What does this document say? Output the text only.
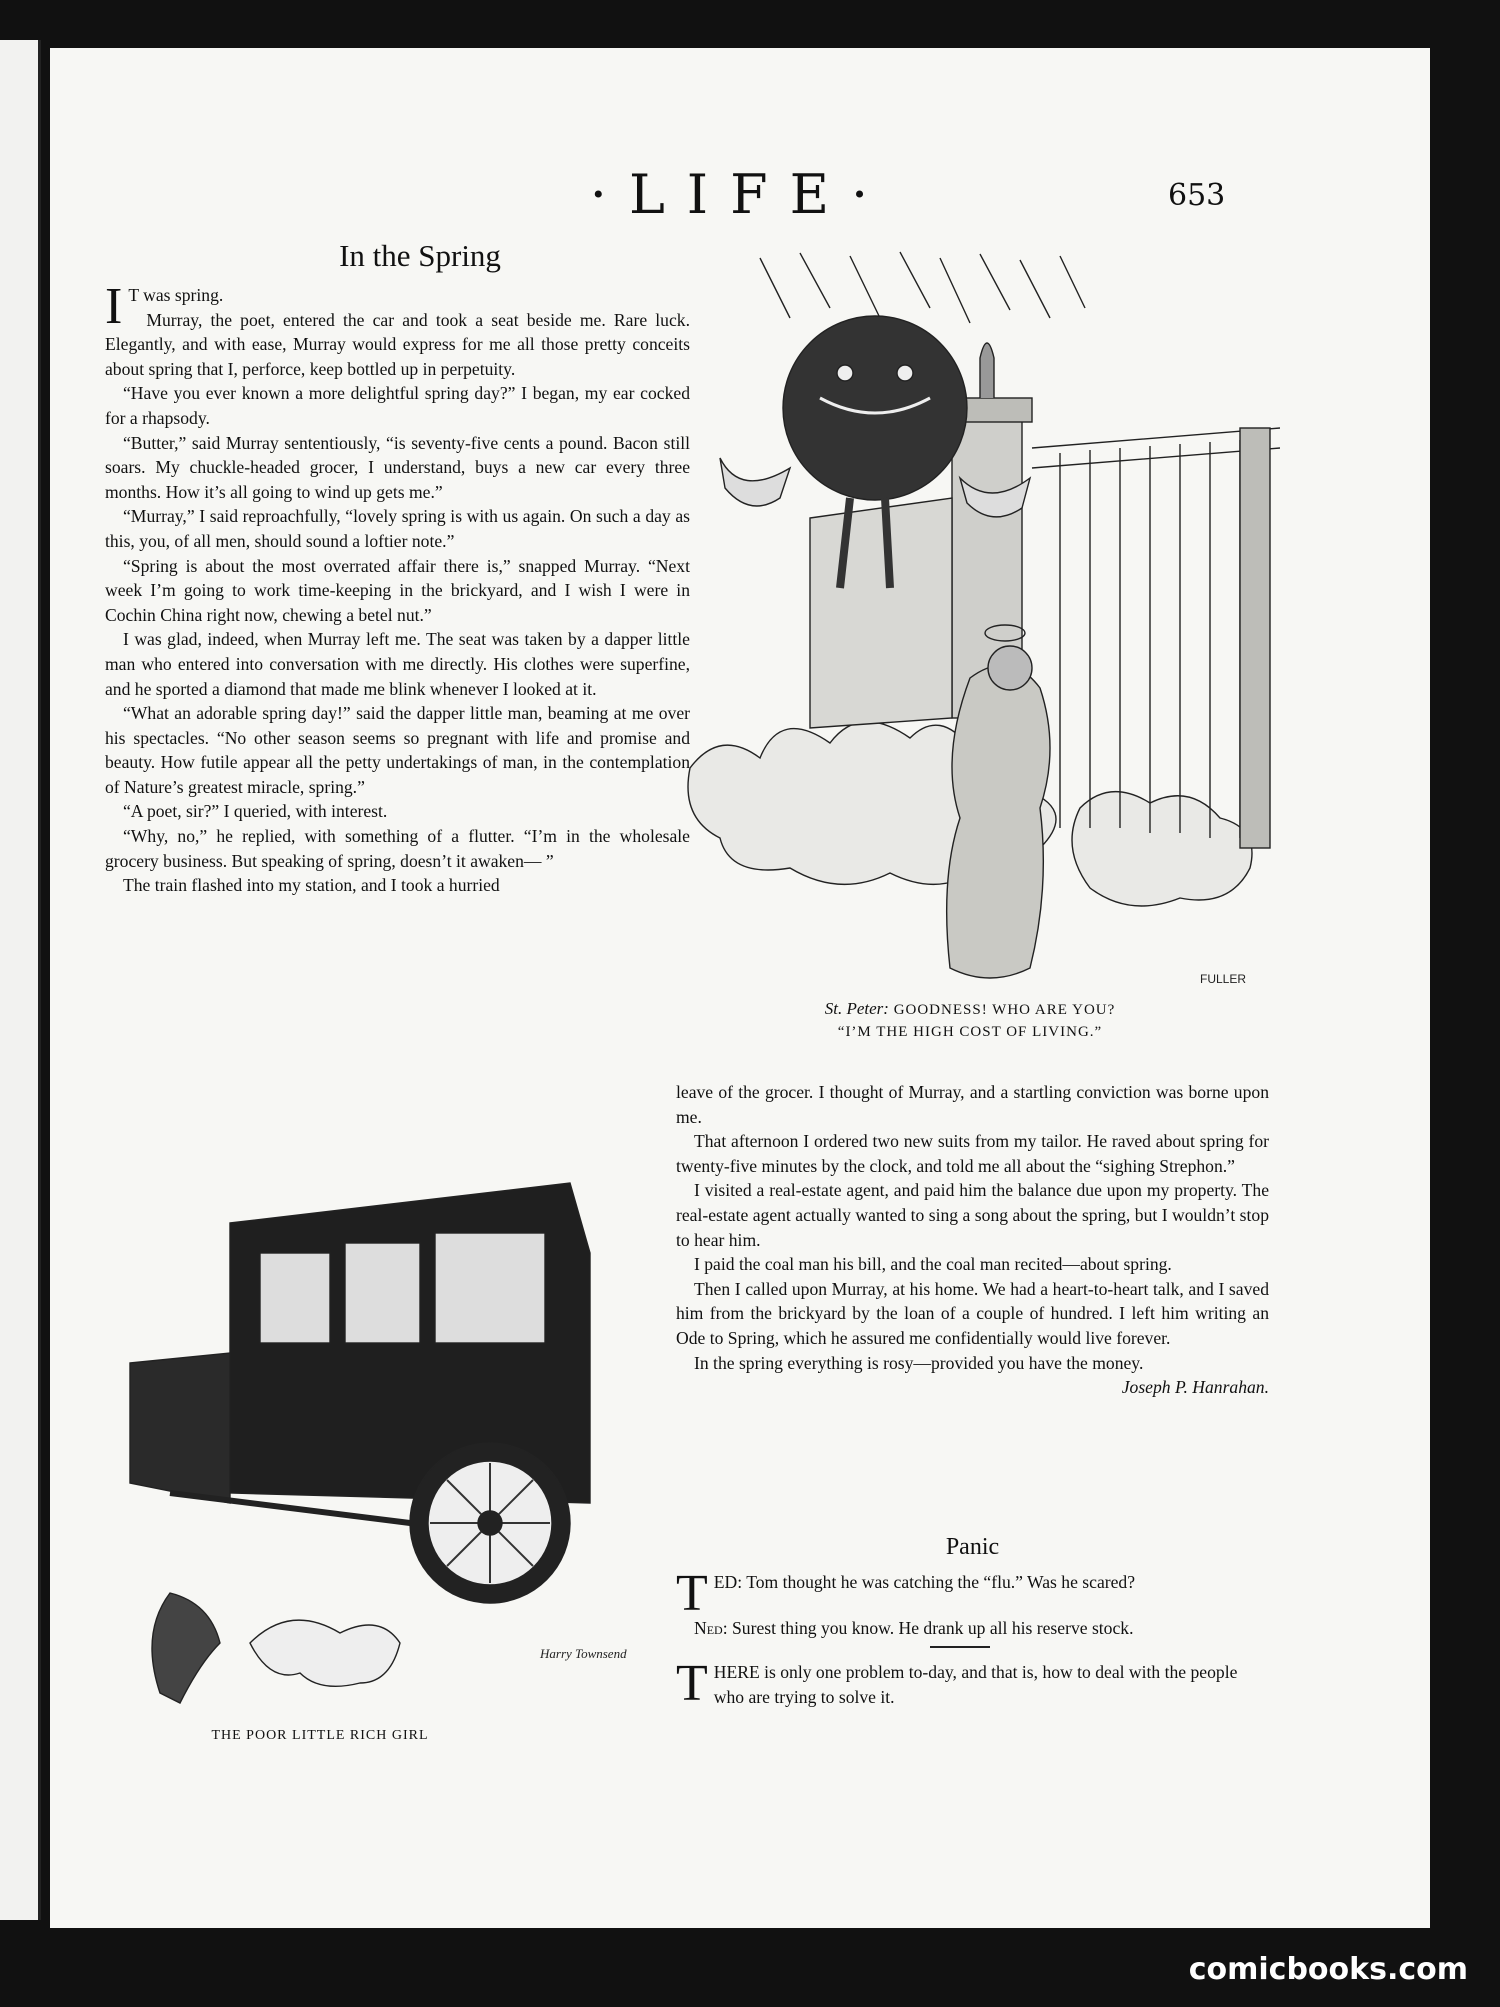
·LIFE·	653
In the Spring

I T was spring.

Murray, the poet, entered the car and took a seat beside me. Rare luck. Elegantly, and with ease, Murray would express for me all those pretty conceits about spring that I, perforce, keep bottled up in perpetuity.

“Have you ever known a more delightful spring day?” I began, my ear cocked for a rhapsody.

“Butter,” said Murray sententiously, “is seventy-five cents a pound. Bacon still soars. My chuckle-headed grocer, I understand, buys a new car every three months. How it’s all going to wind up gets me.”

“Murray,” I said reproachfully, “lovely spring is with us again. On such a day as this, you, of all men, should sound a loftier note.”

“Spring is about the most overrated affair there is,” snapped Murray. “Next week I’m going to work time-keeping in the brickyard, and I wish I were in Cochin China right now, chewing a betel nut.”

I was glad, indeed, when Murray left me. The seat was taken by a dapper little man who entered into conversation with me directly. His clothes were superfine, and he sported a diamond that made me blink whenever I looked at it.

“What an adorable spring day!” said the dapper little man, beaming at me over his spectacles. “No other season seems so pregnant with life and promise and beauty. How futile appear all the petty undertakings of man, in the contemplation of Nature’s greatest miracle, spring.”

“A poet, sir?” I queried, with interest.

“Why, no,” he replied, with something of a flutter. “I’m in the wholesale grocery business. But speaking of spring, doesn’t it awaken— ”

The train flashed into my station, and I took a hurried

FULLER
St. Peter: GOODNESS! WHO ARE YOU?
“I’M THE HIGH COST OF LIVING.”

leave of the grocer. I thought of Murray, and a startling conviction was borne upon me.

That afternoon I ordered two new suits from my tailor. He raved about spring for twenty-five minutes by the clock, and told me all about the “sighing Strephon.”

I visited a real-estate agent, and paid him the balance due upon my property. The real-estate agent actually wanted to sing a song about the spring, but I wouldn’t stop to hear him.

I paid the coal man his bill, and the coal man recited—about spring.

Then I called upon Murray, at his home. We had a heart-to-heart talk, and I saved him from the brickyard by the loan of a couple of hundred. I left him writing an Ode to Spring, which he assured me confidentially would live forever.

In the spring everything is rosy—provided you have the money.
Joseph P. Hanrahan.

Harry Townsend
THE POOR LITTLE RICH GIRL
Panic

TED: Tom thought he was catching the “flu.” Was he scared?

Ned: Surest thing you know. He drank up all his reserve stock.

THERE is only one problem to-day, and that is, how to deal with the people who are trying to solve it.

comicbooks.com
